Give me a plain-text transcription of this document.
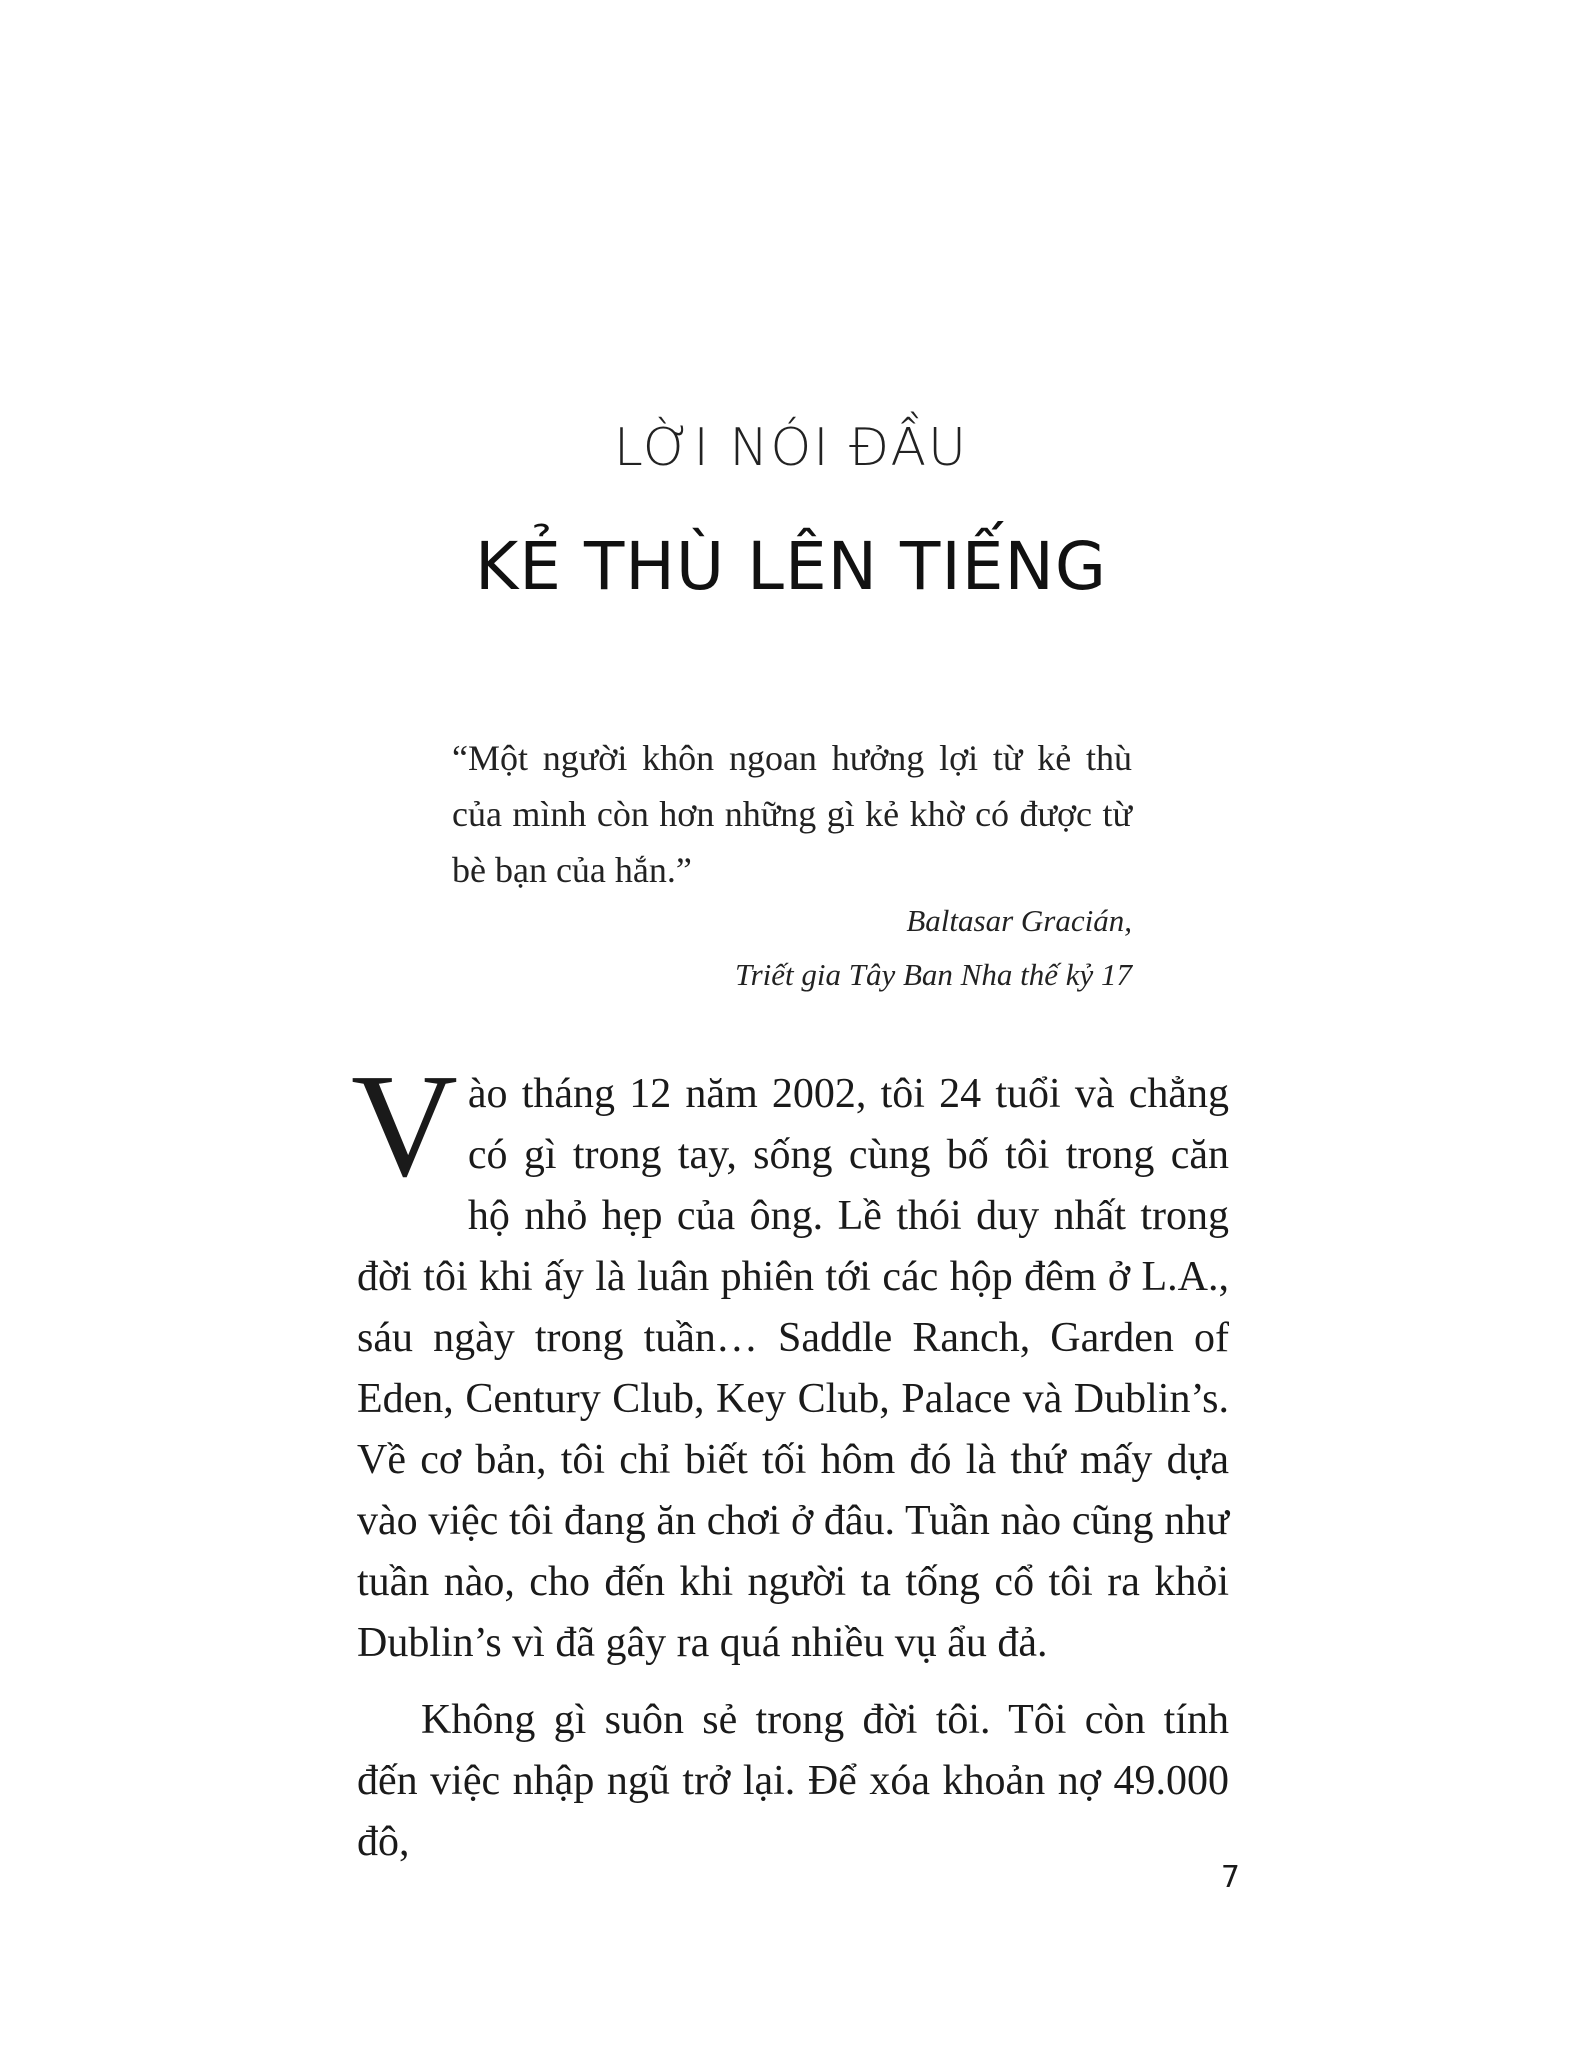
LỜI NÓI ĐẦU
KẺ THÙ LÊN TIẾNG
“Một người khôn ngoan hưởng lợi từ kẻ thù của mình còn hơn những gì kẻ khờ có được từ bè bạn của hắn.”
Baltasar Gracián,
Triết gia Tây Ban Nha thế kỷ 17

Vào tháng 12 năm 2002, tôi 24 tuổi và chẳng có gì trong tay, sống cùng bố tôi trong căn hộ nhỏ hẹp của ông. Lề thói duy nhất trong đời tôi khi ấy là luân phiên tới các hộp đêm ở L.A., sáu ngày trong tuần… Saddle Ranch, Garden of Eden, Century Club, Key Club, Palace và Dublin’s. Về cơ bản, tôi chỉ biết tối hôm đó là thứ mấy dựa vào việc tôi đang ăn chơi ở đâu. Tuần nào cũng như tuần nào, cho đến khi người ta tống cổ tôi ra khỏi Dublin’s vì đã gây ra quá nhiều vụ ẩu đả.

Không gì suôn sẻ trong đời tôi. Tôi còn tính đến việc nhập ngũ trở lại. Để xóa khoản nợ 49.000 đô,

7
